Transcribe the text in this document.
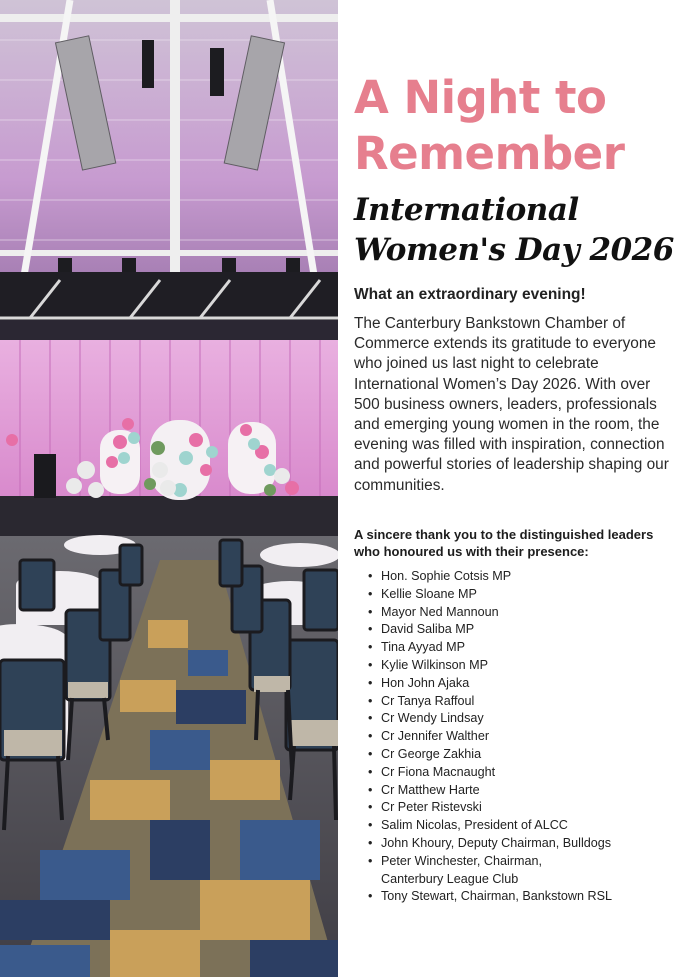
A Night to Remember
International Women's Day 2026

What an extraordinary evening!

The Canterbury Bankstown Chamber of Commerce extends its gratitude to everyone who joined us last night to celebrate International Women’s Day 2026. With over 500 business owners, leaders, professionals and emerging young women in the room, the evening was filled with inspiration, connection and powerful stories of leadership shaping our communities.

A sincere thank you to the distinguished leaders who honoured us with their presence:

• Hon. Sophie Cotsis MP
• Kellie Sloane MP
• Mayor Ned Mannoun
• David Saliba MP
• Tina Ayyad MP
• Kylie Wilkinson MP
• Hon John Ajaka
• Cr Tanya Raffoul
• Cr Wendy Lindsay
• Cr Jennifer Walther
• Cr George Zakhia
• Cr Fiona Macnaught
• Cr Matthew Harte
• Cr Peter Ristevski
• Salim Nicolas, President of ALCC
• John Khoury, Deputy Chairman, Bulldogs
• Peter Winchester, Chairman,
Canterbury League Club
• Tony Stewart, Chairman, Bankstown RSL
